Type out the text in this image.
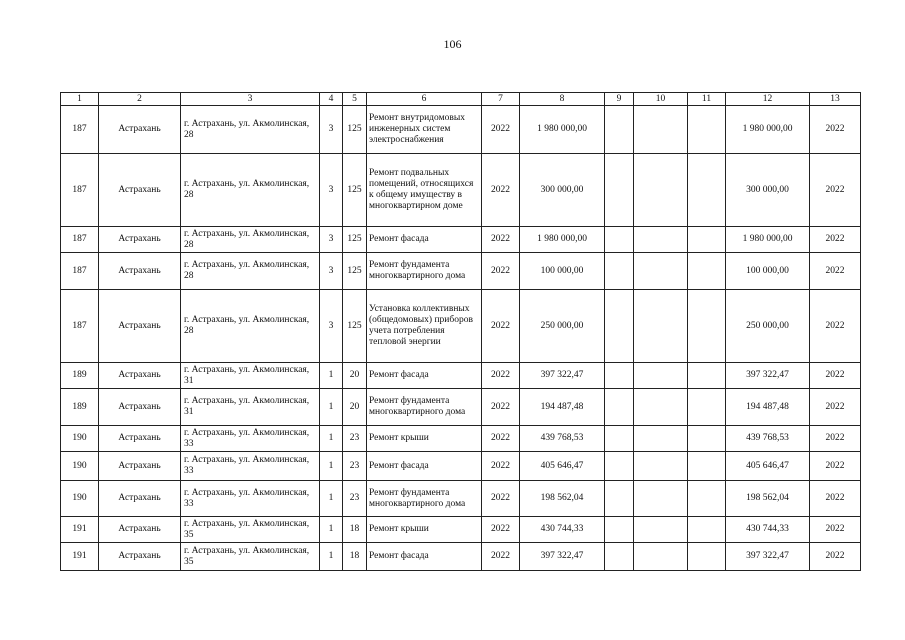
106
1	2	3	4	5	6	7	8	9	10	11	12	13
187	Астрахань	г. Астрахань, ул. Акмолинская, 28	3	125	Ремонт внутридомовых инженерных систем электроснабжения	2022	1 980 000,00				1 980 000,00	2022
187	Астрахань	г. Астрахань, ул. Акмолинская, 28	3	125	Ремонт подвальных помещений, относящихся к общему имуществу в многоквартирном доме	2022	300 000,00				300 000,00	2022
187	Астрахань	г. Астрахань, ул. Акмолинская, 28	3	125	Ремонт фасада	2022	1 980 000,00				1 980 000,00	2022
187	Астрахань	г. Астрахань, ул. Акмолинская, 28	3	125	Ремонт фундамента многоквартирного дома	2022	100 000,00				100 000,00	2022
187	Астрахань	г. Астрахань, ул. Акмолинская, 28	3	125	Установка коллективных (общедомовых) приборов учета потребления тепловой энергии	2022	250 000,00				250 000,00	2022
189	Астрахань	г. Астрахань, ул. Акмолинская, 31	1	20	Ремонт фасада	2022	397 322,47				397 322,47	2022
189	Астрахань	г. Астрахань, ул. Акмолинская, 31	1	20	Ремонт фундамента многоквартирного дома	2022	194 487,48				194 487,48	2022
190	Астрахань	г. Астрахань, ул. Акмолинская, 33	1	23	Ремонт крыши	2022	439 768,53				439 768,53	2022
190	Астрахань	г. Астрахань, ул. Акмолинская, 33	1	23	Ремонт фасада	2022	405 646,47				405 646,47	2022
190	Астрахань	г. Астрахань, ул. Акмолинская, 33	1	23	Ремонт фундамента многоквартирного дома	2022	198 562,04				198 562,04	2022
191	Астрахань	г. Астрахань, ул. Акмолинская, 35	1	18	Ремонт крыши	2022	430 744,33				430 744,33	2022
191	Астрахань	г. Астрахань, ул. Акмолинская, 35	1	18	Ремонт фасада	2022	397 322,47				397 322,47	2022
